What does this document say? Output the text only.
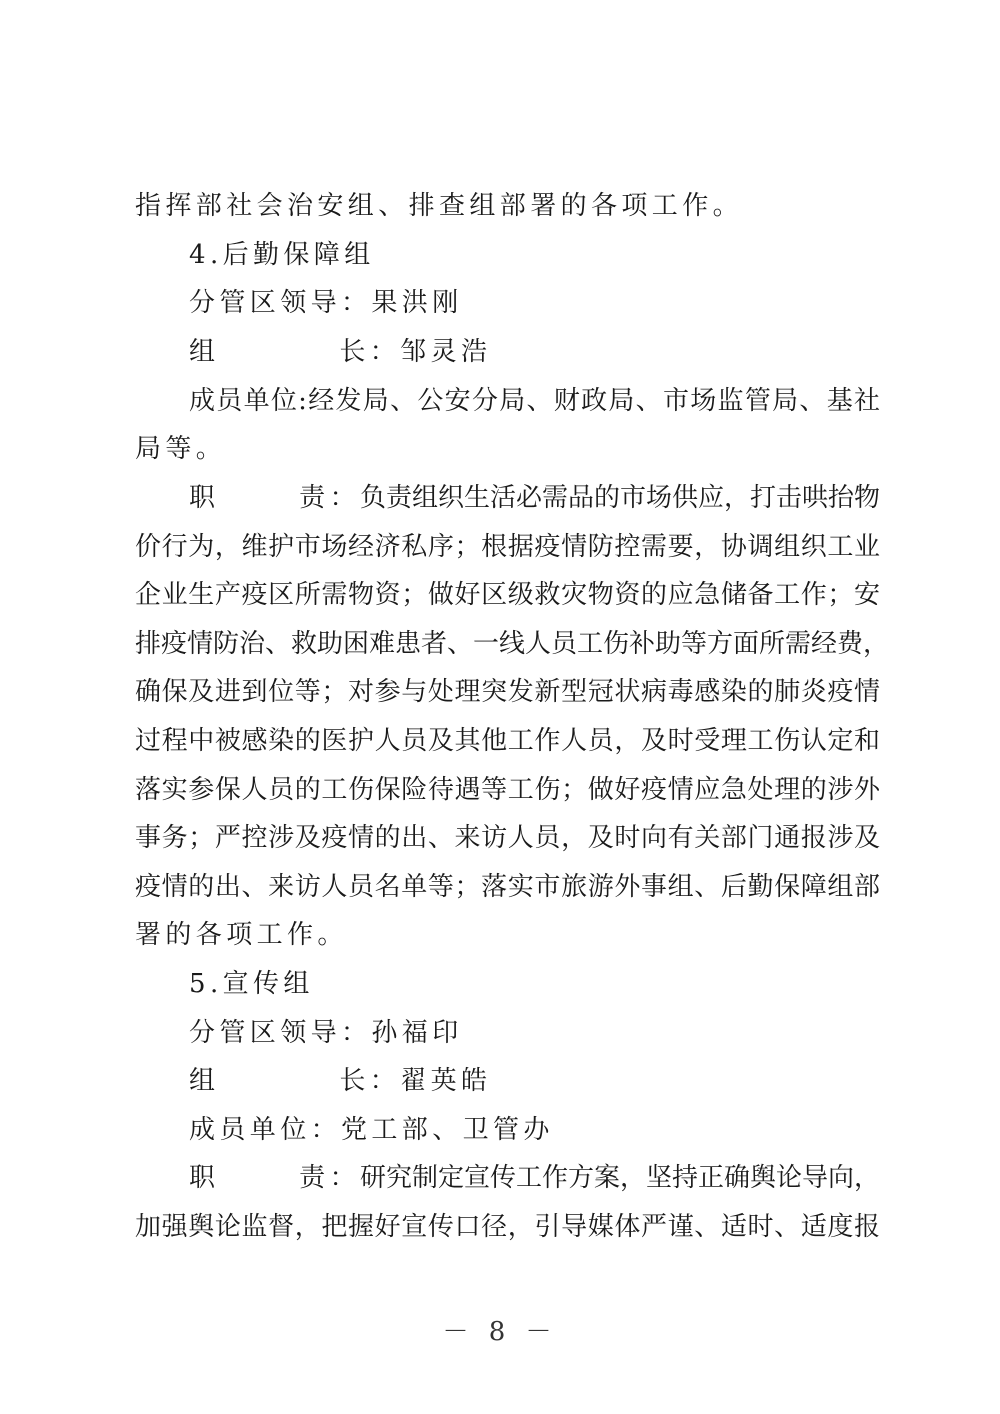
指挥部社会治安组、排查组部署的各项工作。
4.后勤保障组
分管区领导：果洪刚
组	长：邹灵浩
成员单位:经发局、公安分局、财政局、市场监管局、基社
局等。
职	责： 负责组织生活必需品的市场供应，打击哄抬物
价行为，维护市场经济私序；根据疫情防控需要，协调组织工业
企业生产疫区所需物资；做好区级救灾物资的应急储备工作；安
排疫情防治、救助困难患者、一线人员工伤补助等方面所需经费，
确保及进到位等；对参与处理突发新型冠状病毒感染的肺炎疫情
过程中被感染的医护人员及其他工作人员，及时受理工伤认定和
落实参保人员的工伤保险待遇等工伤；做好疫情应急处理的涉外
事务；严控涉及疫情的出、来访人员，及时向有关部门通报涉及
疫情的出、来访人员名单等；落实市旅游外事组、后勤保障组部
署的各项工作。
5.宣传组
分管区领导：孙福印
组	长：翟英皓
成员单位：党工部、卫管办
职	责： 研究制定宣传工作方案，坚持正确舆论导向，
加强舆论监督，把握好宣传口径，引导媒体严谨、适时、适度报
－ 8 －
